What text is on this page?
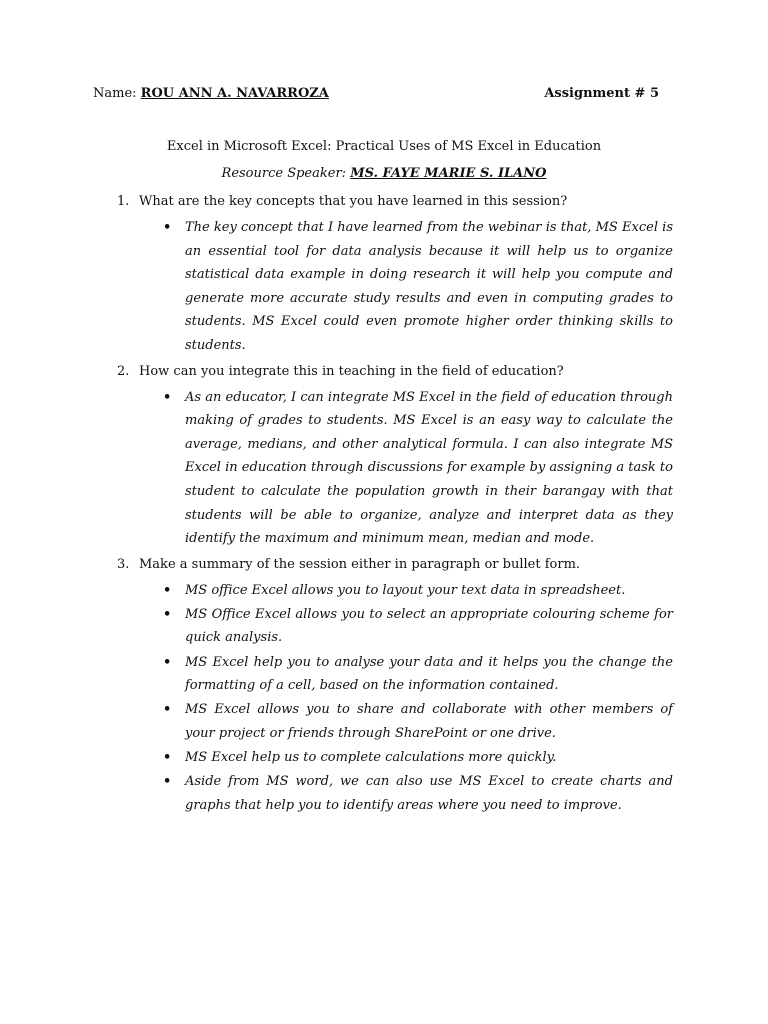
Name: ROU ANN A. NAVARROZA	Assignment # 5
Excel in Microsoft Excel: Practical Uses of MS Excel in Education
Resource Speaker: MS. FAYE MARIE S. ILANO
1. What are the key concepts that you have learned in this session?
• The key concept that I have learned from the webinar is that, MS Excel is an essential tool for data analysis because it will help us to organize statistical data example in doing research it will help you compute and generate more accurate study results and even in computing grades to students. MS Excel could even promote higher order thinking skills to students.
2. How can you integrate this in teaching in the field of education?
• As an educator, I can integrate MS Excel in the field of education through making of grades to students. MS Excel is an easy way to calculate the average, medians, and other analytical formula. I can also integrate MS Excel in education through discussions for example by assigning a task to student to calculate the population growth in their barangay with that students will be able to organize, analyze and interpret data as they identify the maximum and minimum mean, median and mode.
3. Make a summary of the session either in paragraph or bullet form.
• MS office Excel allows you to layout your text data in spreadsheet.
• MS Office Excel allows you to select an appropriate colouring scheme for quick analysis.
• MS Excel help you to analyse your data and it helps you the change the formatting of a cell, based on the information contained.
• MS Excel allows you to share and collaborate with other members of your project or friends through SharePoint or one drive.
• MS Excel help us to complete calculations more quickly.
• Aside from MS word, we can also use MS Excel to create charts and graphs that help you to identify areas where you need to improve.
